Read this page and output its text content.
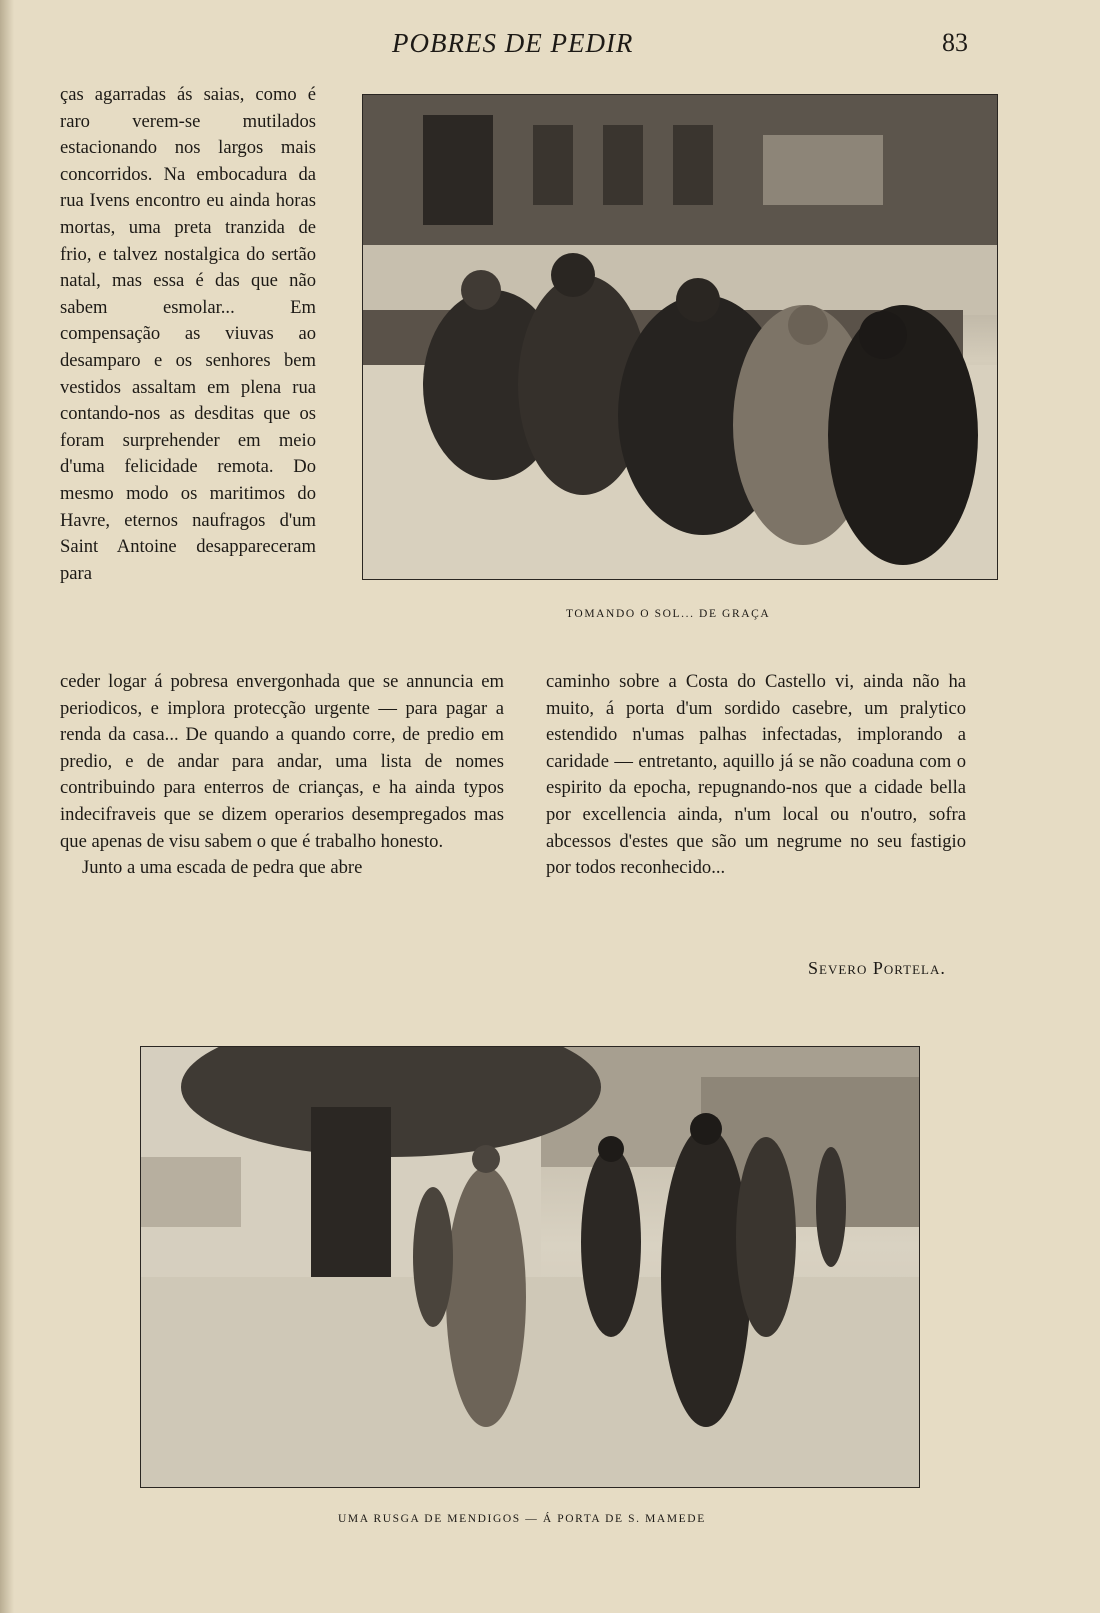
POBRES DE PEDIR	83

ças agarradas ás saias, como é raro verem-se mutilados estacionando nos largos mais concorridos. Na embocadura da rua Ivens encontro eu ainda horas mortas, uma preta tranzida de frio, e talvez nostalgica do sertão natal, mas essa é das que não sabem esmolar... Em compensação as viuvas ao desamparo e os senhores bem vestidos assaltam em plena rua contando-nos as desditas que os foram surprehender em meio d'uma felicidade remota. Do mesmo modo os maritimos do Havre, eternos naufragos d'um Saint Antoine desappareceram para

TOMANDO O SOL... DE GRAÇA

ceder logar á pobresa envergonhada que se annuncia em periodicos, e implora protecção urgente — para pagar a renda da casa... De quando a quando corre, de predio em predio, e de andar para andar, uma lista de nomes contribuindo para enterros de crianças, e ha ainda typos indecifraveis que se dizem operarios desempregados mas que apenas de visu sabem o que é trabalho honesto.

Junto a uma escada de pedra que abre

caminho sobre a Costa do Castello vi, ainda não ha muito, á porta d'um sordido casebre, um pralytico estendido n'umas palhas infectadas, implorando a caridade — entretanto, aquillo já se não coaduna com o espirito da epocha, repugnando-nos que a cidade bella por excellencia ainda, n'um local ou n'outro, sofra abcessos d'estes que são um negrume no seu fastigio por todos reconhecido...

Severo Portela.
UMA RUSGA DE MENDIGOS — Á PORTA DE S. MAMEDE
